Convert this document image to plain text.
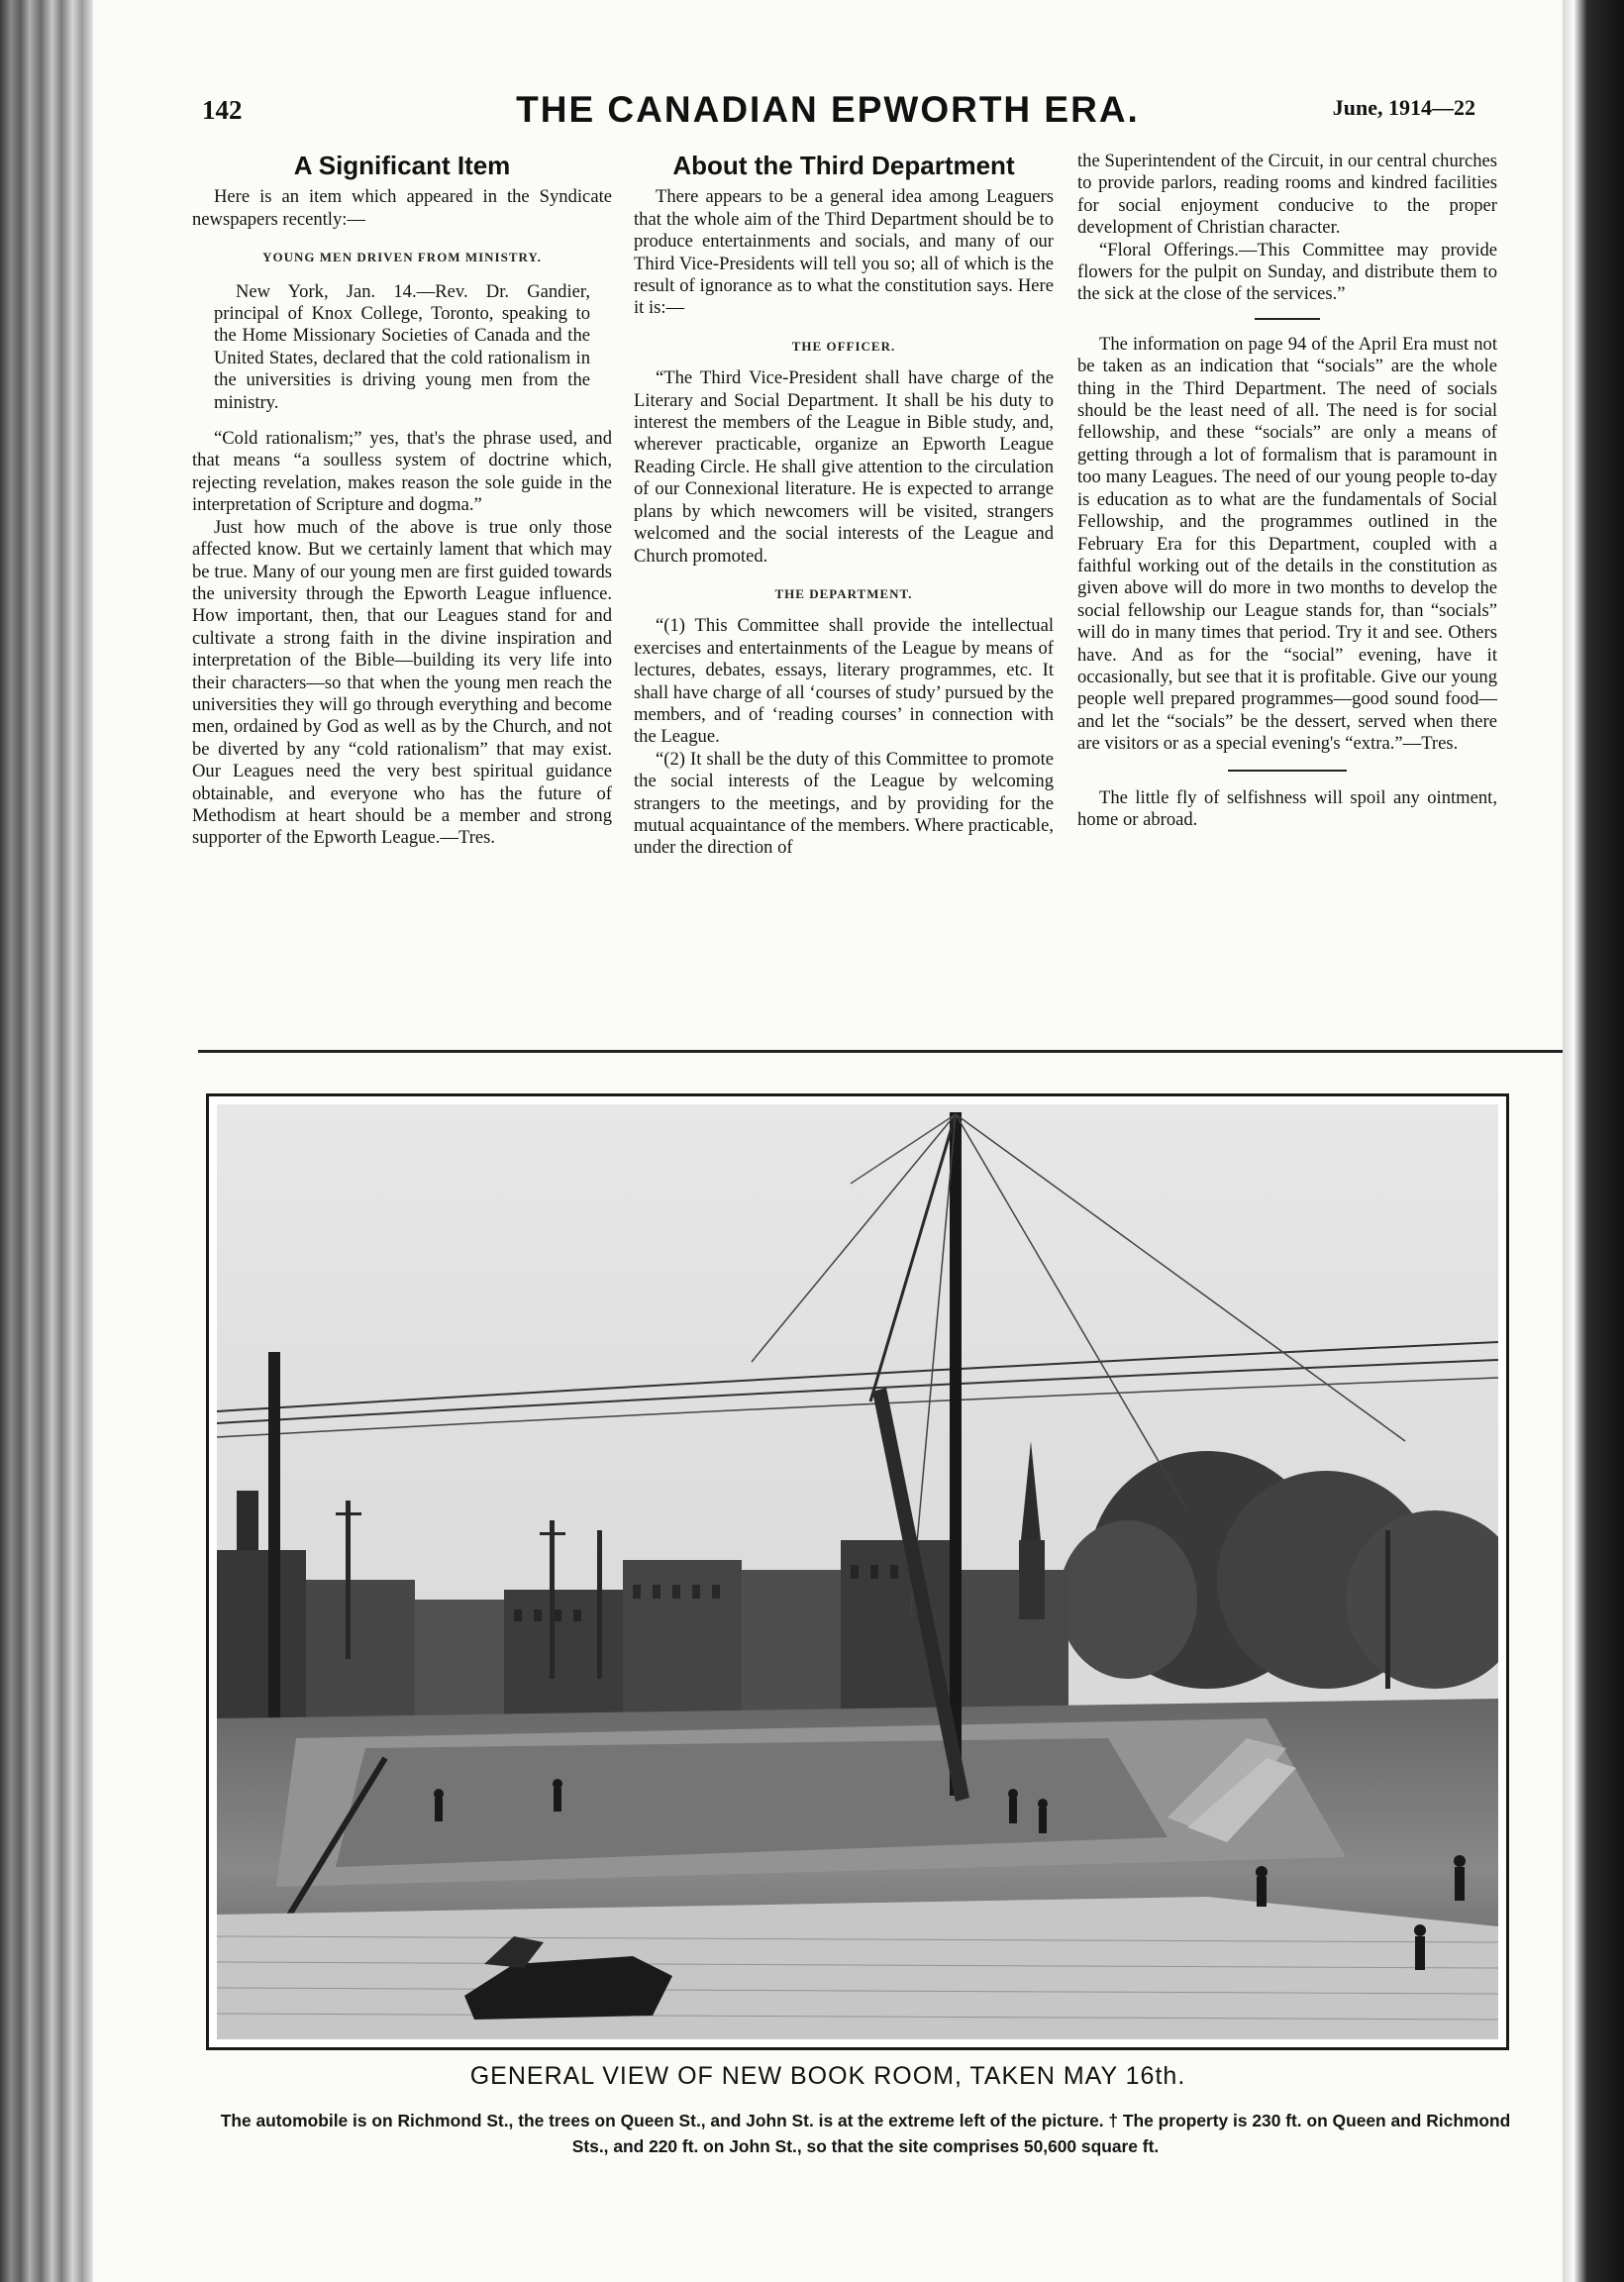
142	THE CANADIAN EPWORTH ERA.	June, 1914—22
A Significant Item

Here is an item which appeared in the Syndicate newspapers recently:—

YOUNG MEN DRIVEN FROM MINISTRY.

New York, Jan. 14.—Rev. Dr. Gandier, principal of Knox College, Toronto, speaking to the Home Missionary Societies of Canada and the United States, declared that the cold rationalism in the universities is driving young men from the ministry.

“Cold rationalism;” yes, that's the phrase used, and that means “a soulless system of doctrine which, rejecting revelation, makes reason the sole guide in the interpretation of Scripture and dogma.”

Just how much of the above is true only those affected know. But we certainly lament that which may be true. Many of our young men are first guided towards the university through the Epworth League influence. How important, then, that our Leagues stand for and cultivate a strong faith in the divine inspiration and interpretation of the Bible—building its very life into their characters—so that when the young men reach the universities they will go through everything and become men, ordained by God as well as by the Church, and not be diverted by any “cold rationalism” that may exist. Our Leagues need the very best spiritual guidance obtainable, and everyone who has the future of Methodism at heart should be a member and strong supporter of the Epworth League.—Tres.

About the Third Department

There appears to be a general idea among Leaguers that the whole aim of the Third Department should be to produce entertainments and socials, and many of our Third Vice-Presidents will tell you so; all of which is the result of ignorance as to what the constitution says. Here it is:—

THE OFFICER.

“The Third Vice-President shall have charge of the Literary and Social Department. It shall be his duty to interest the members of the League in Bible study, and, wherever practicable, organize an Epworth League Reading Circle. He shall give attention to the circulation of our Connexional literature. He is expected to arrange plans by which newcomers will be visited, strangers welcomed and the social interests of the League and Church promoted.

THE DEPARTMENT.

“(1) This Committee shall provide the intellectual exercises and entertainments of the League by means of lectures, debates, essays, literary programmes, etc. It shall have charge of all ‘courses of study’ pursued by the members, and of ‘reading courses’ in connection with the League.

“(2) It shall be the duty of this Committee to promote the social interests of the League by welcoming strangers to the meetings, and by providing for the mutual acquaintance of the members. Where practicable, under the direction of

the Superintendent of the Circuit, in our central churches to provide parlors, reading rooms and kindred facilities for social enjoyment conducive to the proper development of Christian character.

“Floral Offerings.—This Committee may provide flowers for the pulpit on Sunday, and distribute them to the sick at the close of the services.”

The information on page 94 of the April Era must not be taken as an indication that “socials” are the whole thing in the Third Department. The need of socials should be the least need of all. The need is for social fellowship, and these “socials” are only a means of getting through a lot of formalism that is paramount in too many Leagues. The need of our young people to-day is education as to what are the fundamentals of Social Fellowship, and the programmes outlined in the February Era for this Department, coupled with a faithful working out of the details in the constitution as given above will do more in two months to develop the social fellowship our League stands for, than “socials” will do in many times that period. Try it and see. Others have. And as for the “social” evening, have it occasionally, but see that it is profitable. Give our young people well prepared programmes—good sound food—and let the “socials” be the dessert, served when there are visitors or as a special evening's “extra.”—Tres.

The little fly of selfishness will spoil any ointment, home or abroad.

GENERAL VIEW OF NEW BOOK ROOM, TAKEN MAY 16th.
The automobile is on Richmond St., the trees on Queen St., and John St. is at the extreme left of the picture. † The property is 230 ft. on Queen and Richmond Sts., and 220 ft. on John St., so that the site comprises 50,600 square ft.
